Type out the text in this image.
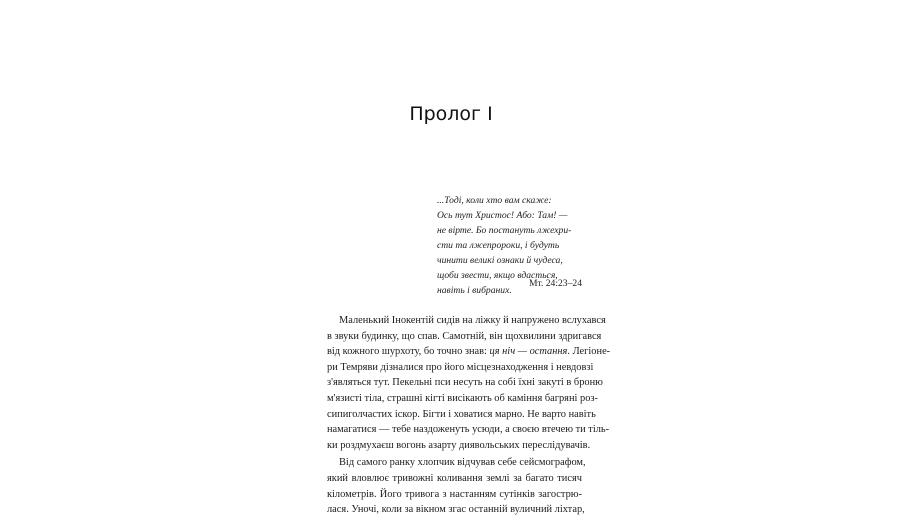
Пролог I
...Тоді, коли хто вам скаже:
Ось тут Христос! Або: Там! —
не вірте. Бо постануть лжехри-
сти та лжепророки, і будуть
чинити великі ознаки й чудеса,
щоби звести, якщо вдасться,
навіть і вибраних.
Мт. 24:23–24
Маленький Інокентій сидів на ліжку й напружено вслухався
в звуки будинку, що спав. Самотній, він щохвилини здригався
від кожного шурхоту, бо точно знав: ця ніч — остання. Легіоне-
ри Темряви дізналися про його місцезнаходження і невдовзі
з'являться тут. Пекельні пси несуть на собі їхні закуті в броню
м'язисті тіла, страшні кігті висікають об каміння багряні роз-
сипиголчастих іскор. Бігти і ховатися марно. Не варто навіть
намагатися — тебе наздоженуть усюди, а своєю втечею ти тіль-
ки роздмухаєш вогонь азарту диявольських переслідувачів.
Від самого ранку хлопчик відчував себе сейсмографом,
який вловлює тривожні коливання землі за багато тисяч
кілометрів. Його тривога з настанням сутінків загострю-
лася. Уночі, коли за вікном згас останній вуличний ліхтар,
